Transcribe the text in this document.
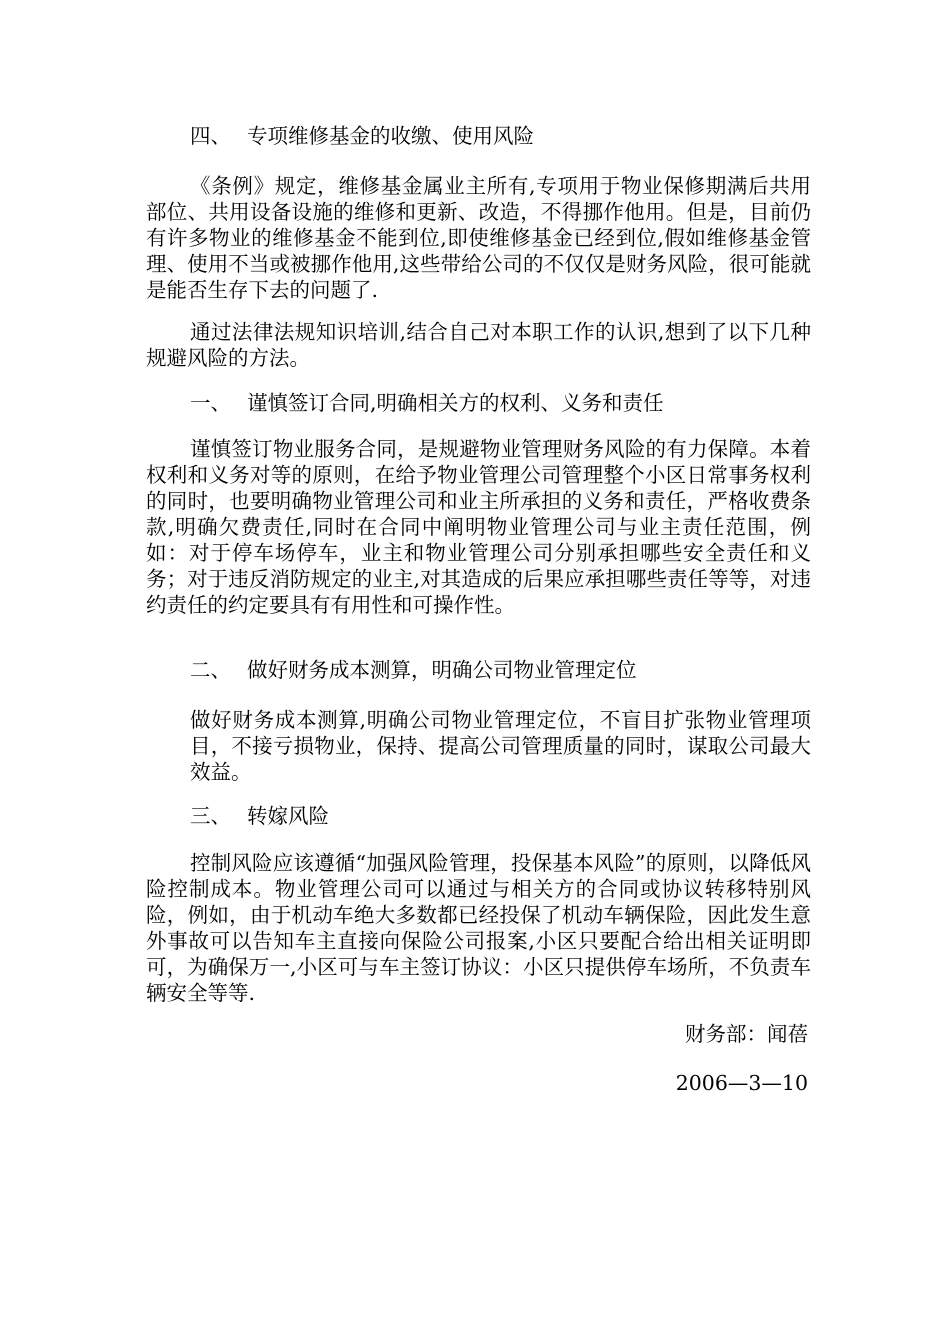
四、 专项维修基金的收缴、使用风险

《条例》规定，维修基金属业主所有,专项用于物业保修期满后共用部位、共用设备设施的维修和更新、改造，不得挪作他用。但是，目前仍有许多物业的维修基金不能到位,即使维修基金已经到位,假如维修基金管理、使用不当或被挪作他用,这些带给公司的不仅仅是财务风险，很可能就是能否生存下去的问题了.

通过法律法规知识培训,结合自己对本职工作的认识,想到了以下几种规避风险的方法。

一、 谨慎签订合同,明确相关方的权利、义务和责任

谨慎签订物业服务合同，是规避物业管理财务风险的有力保障。本着权利和义务对等的原则，在给予物业管理公司管理整个小区日常事务权利的同时，也要明确物业管理公司和业主所承担的义务和责任，严格收费条款,明确欠费责任,同时在合同中阐明物业管理公司与业主责任范围，例如：对于停车场停车，业主和物业管理公司分别承担哪些安全责任和义务；对于违反消防规定的业主,对其造成的后果应承担哪些责任等等，对违约责任的约定要具有有用性和可操作性。

二、 做好财务成本测算，明确公司物业管理定位

做好财务成本测算,明确公司物业管理定位，不盲目扩张物业管理项目，不接亏损物业，保持、提高公司管理质量的同时，谋取公司最大效益。

三、 转嫁风险

控制风险应该遵循“加强风险管理，投保基本风险”的原则，以降低风险控制成本。物业管理公司可以通过与相关方的合同或协议转移特别风险，例如，由于机动车绝大多数都已经投保了机动车辆保险，因此发生意外事故可以告知车主直接向保险公司报案,小区只要配合给出相关证明即可，为确保万一,小区可与车主签订协议：小区只提供停车场所，不负责车辆安全等等.

财务部：闻蓓

2006—3—10
